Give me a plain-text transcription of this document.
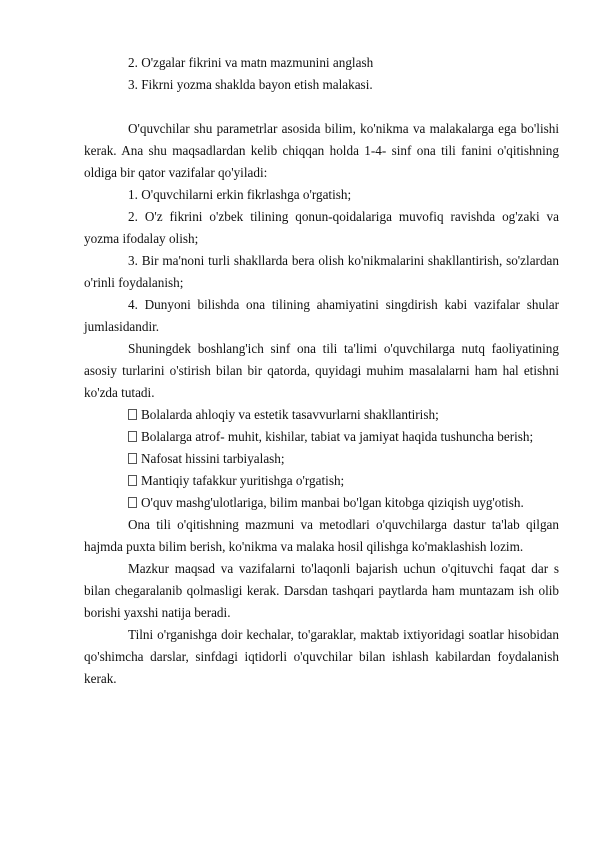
2. O'zgalar fikrini va matn mazmunini anglash

3. Fikrni yozma shaklda bayon etish malakasi.

O'quvchilar shu parametrlar asosida bilim, ko'nikma va malakalarga ega bo'lishi kerak. Ana shu maqsadlardan kelib chiqqan holda 1-4- sinf ona tili fanini o'qitishning oldiga bir qator vazifalar qo'yiladi:

1. O'quvchilarni erkin fikrlashga o'rgatish;

2. O'z fikrini o'zbek tilining qonun-qoidalariga muvofiq ravishda og'zaki va yozma ifodalay olish;

3. Bir ma'noni turli shakllarda bera olish ko'nikmalarini shakllantirish, so'zlardan o'rinli foydalanish;

4. Dunyoni bilishda ona tilining ahamiyatini singdirish kabi vazifalar shular jumlasidandir.

Shuningdek boshlang'ich sinf ona tili ta'limi o'quvchilarga nutq faoliyatining asosiy turlarini o'stirish bilan bir qatorda, quyidagi muhim masalalarni ham hal etishni ko'zda tutadi.

Bolalarda ahloqiy va estetik tasavvurlarni shakllantirish;
Bolalarga atrof- muhit, kishilar, tabiat va jamiyat haqida tushuncha berish;
Nafosat hissini tarbiyalash;
Mantiqiy tafakkur yuritishga o'rgatish;
O'quv mashg'ulotlariga, bilim manbai bo'lgan kitobga qiziqish uyg'otish.

Ona tili o'qitishning mazmuni va metodlari o'quvchilarga dastur ta'lab qilgan hajmda puxta bilim berish, ko'nikma va malaka hosil qilishga ko'maklashish lozim.

Mazkur maqsad va vazifalarni to'laqonli bajarish uchun o'qituvchi faqat dar s bilan chegaralanib qolmasligi kerak. Darsdan tashqari paytlarda ham muntazam ish olib borishi yaxshi natija beradi.

Tilni o'rganishga doir kechalar, to'garaklar, maktab ixtiyoridagi soatlar hisobidan qo'shimcha darslar, sinfdagi iqtidorli o'quvchilar bilan ishlash kabilardan foydalanish kerak.
